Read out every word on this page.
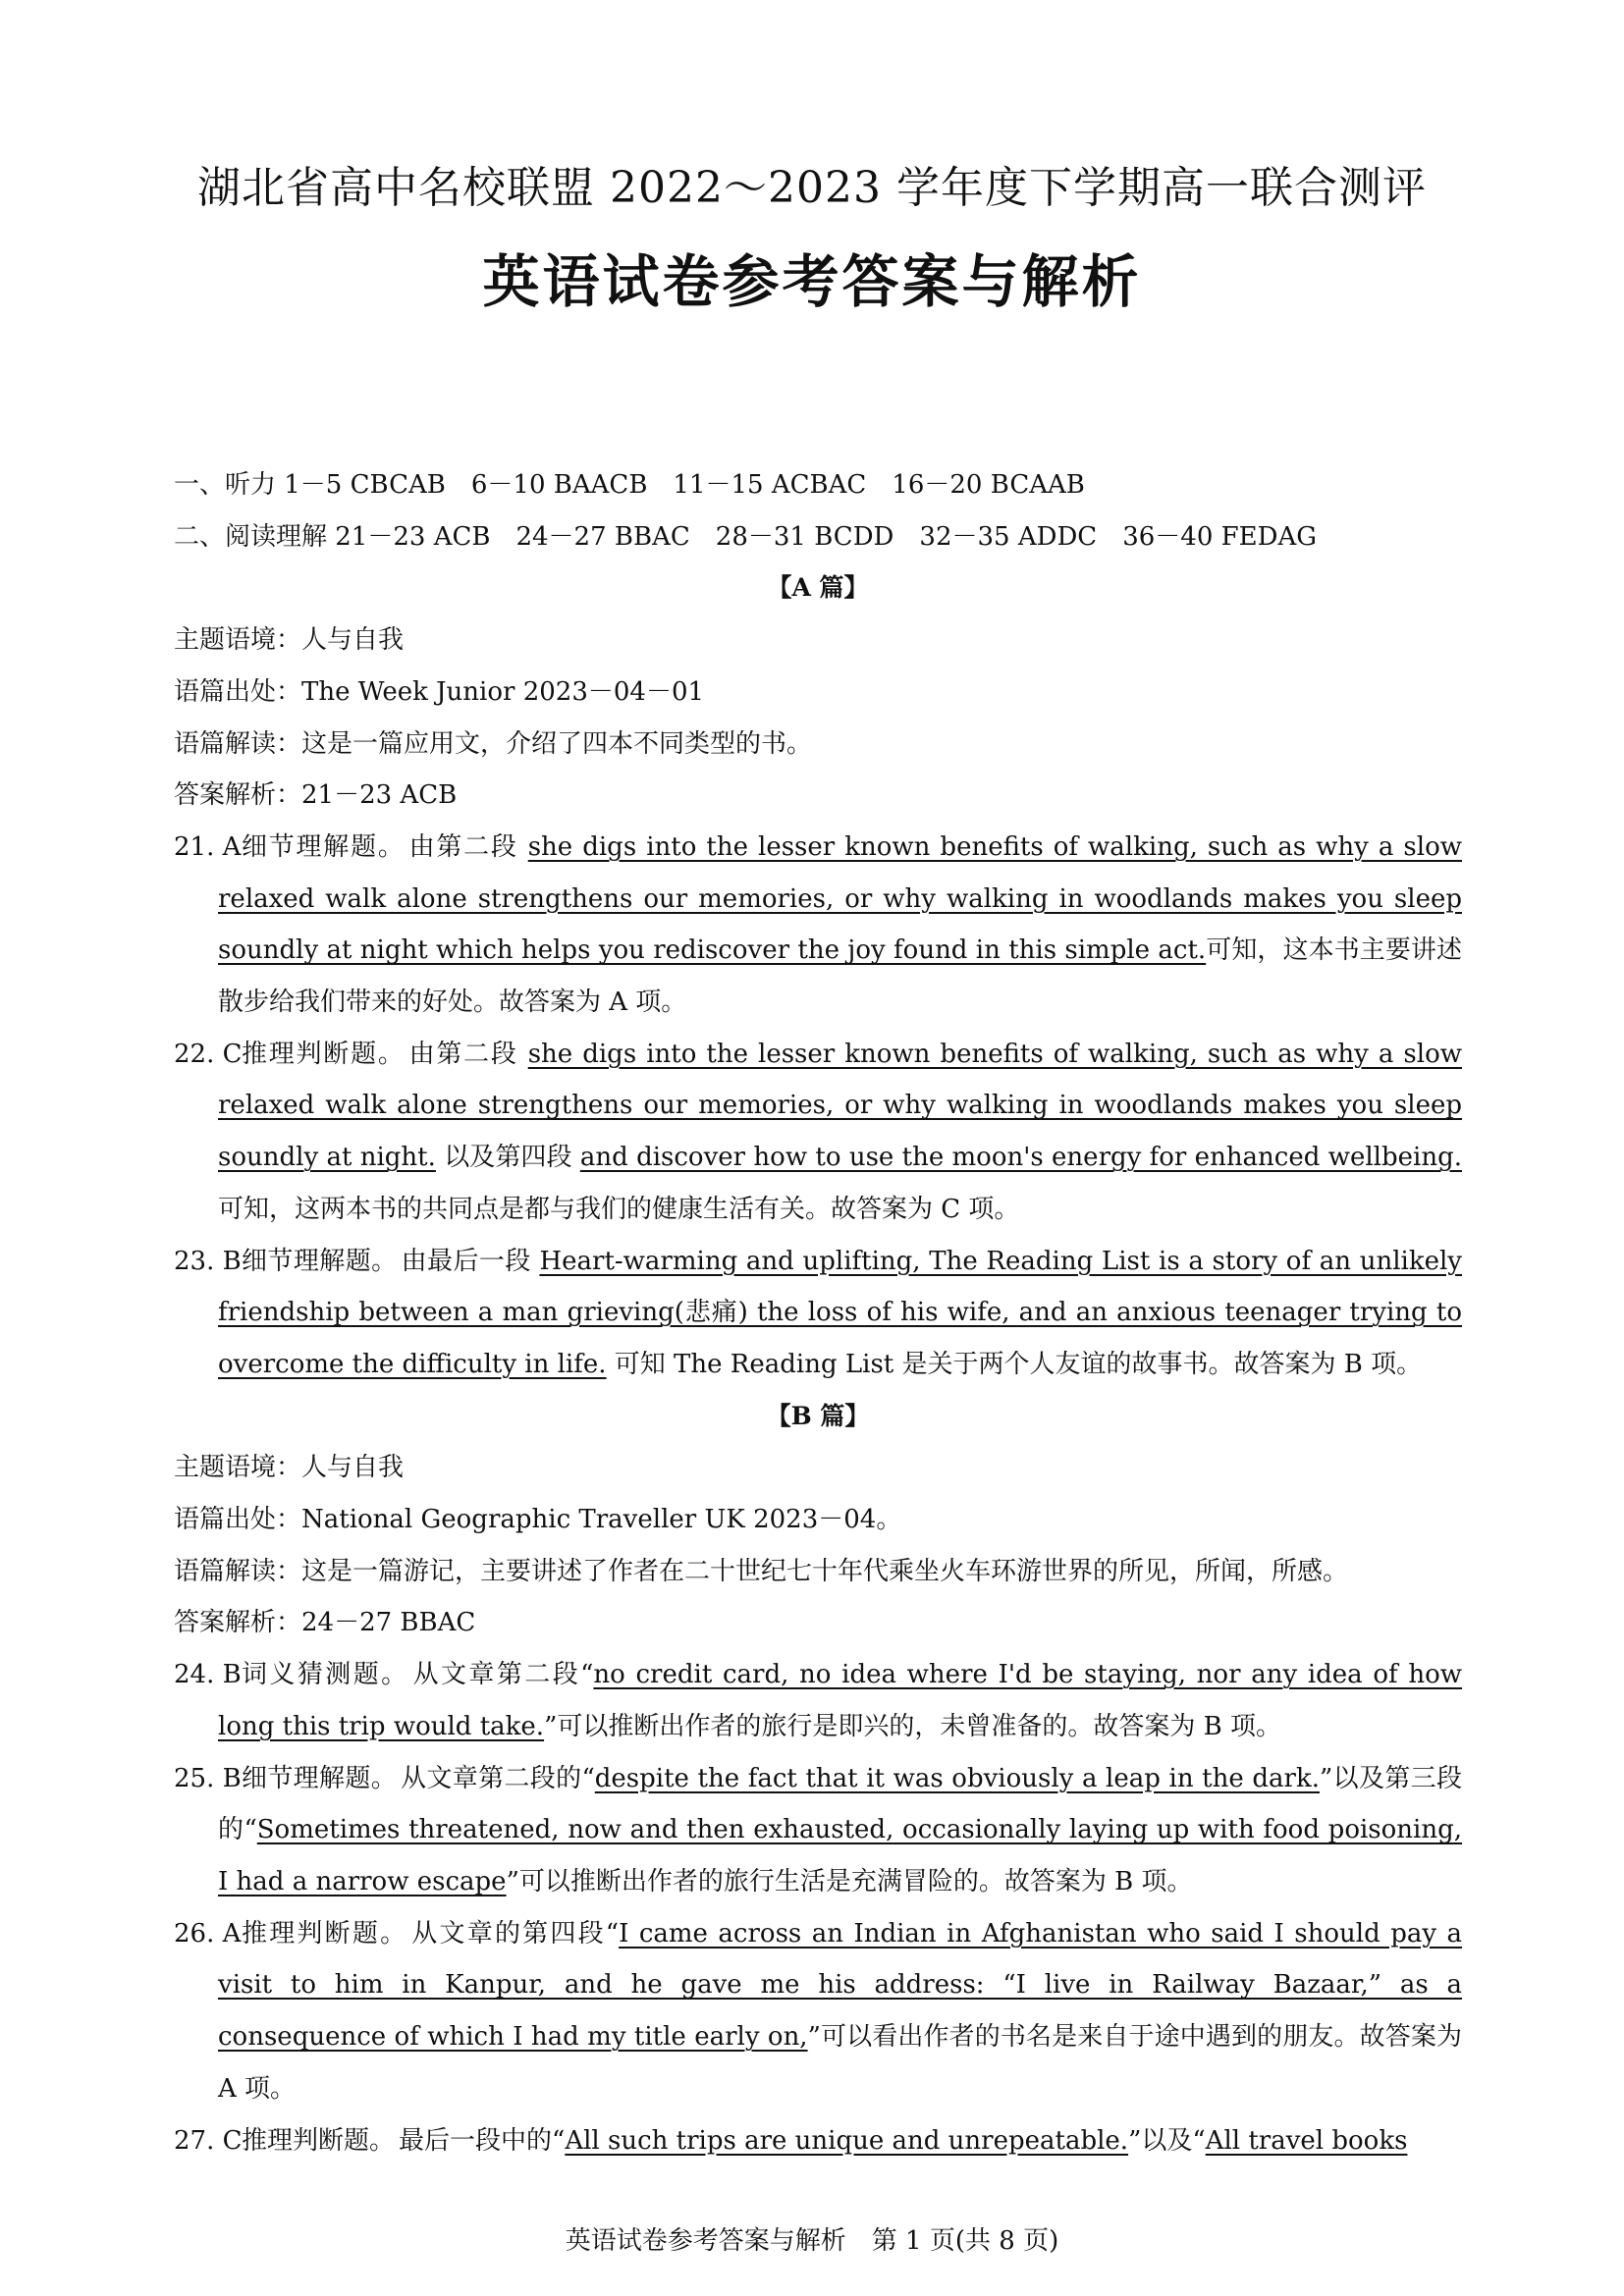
湖北省高中名校联盟 2022～2023 学年度下学期高一联合测评
英语试卷参考答案与解析
一、听力 1－5 CBCAB　6－10 BAACB　11－15 ACBAC　16－20 BCAAB
二、阅读理解 21－23 ACB　24－27 BBAC　28－31 BCDD　32－35 ADDC　36－40 FEDAG
【A 篇】
主题语境：人与自我
语篇出处：The Week Junior 2023－04－01
语篇解读：这是一篇应用文，介绍了四本不同类型的书。
答案解析：21－23 ACB
21. A 细节理解题。 由第二段 she digs into the lesser known benefits of walking, such as why a slow relaxed walk alone strengthens our memories, or why walking in woodlands makes you sleep soundly at night which helps you rediscover the joy found in this simple act.可知，这本书主要讲述散步给我们带来的好处。故答案为 A 项。
22. C 推理判断题。 由第二段 she digs into the lesser known benefits of walking, such as why a slow relaxed walk alone strengthens our memories, or why walking in woodlands makes you sleep soundly at night. 以及第四段 and discover how to use the moon's energy for enhanced wellbeing. 可知，这两本书的共同点是都与我们的健康生活有关。故答案为 C 项。
23. B 细节理解题。 由最后一段 Heart-warming and uplifting, The Reading List is a story of an unlikely friendship between a man grieving(悲痛) the loss of his wife, and an anxious teenager trying to overcome the difficulty in life. 可知 The Reading List 是关于两个人友谊的故事书。故答案为 B 项。
【B 篇】
主题语境：人与自我
语篇出处：National Geographic Traveller UK 2023－04。
语篇解读：这是一篇游记，主要讲述了作者在二十世纪七十年代乘坐火车环游世界的所见，所闻，所感。
答案解析：24－27 BBAC
24. B 词义猜测题。 从文章第二段“no credit card, no idea where I'd be staying, nor any idea of how long this trip would take.”可以推断出作者的旅行是即兴的，未曾准备的。故答案为 B 项。
25. B 细节理解题。 从文章第二段的“despite the fact that it was obviously a leap in the dark.”以及第三段的“Sometimes threatened, now and then exhausted, occasionally laying up with food poisoning, I had a narrow escape”可以推断出作者的旅行生活是充满冒险的。故答案为 B 项。
26. A 推理判断题。 从文章的第四段“I came across an Indian in Afghanistan who said I should pay a visit to him in Kanpur, and he gave me his address: “I live in Railway Bazaar,” as a consequence of which I had my title early on,”可以看出作者的书名是来自于途中遇到的朋友。故答案为 A 项。
27. C 推理判断题。 最后一段中的“All such trips are unique and unrepeatable.”以及“All travel books
英语试卷参考答案与解析　第 1 页(共 8 页)
